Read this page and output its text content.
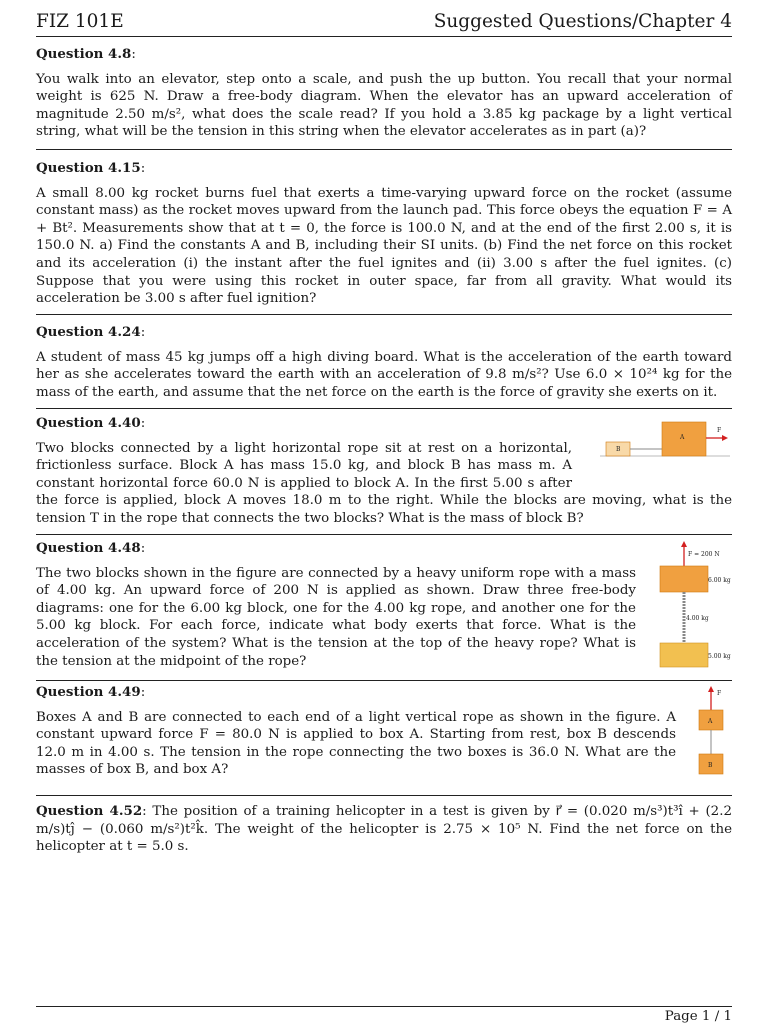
FIZ 101E	Suggested Questions/Chapter 4

Question 4.8:

You walk into an elevator, step onto a scale, and push the up button. You recall that your normal weight is 625 N. Draw a free-body diagram. When the elevator has an upward acceleration of magnitude 2.50 m/s², what does the scale read? If you hold a 3.85 kg package by a light vertical string, what will be the tension in this string when the elevator accelerates as in part (a)?

Question 4.15:

A small 8.00 kg rocket burns fuel that exerts a time-varying upward force on the rocket (assume constant mass) as the rocket moves upward from the launch pad. This force obeys the equation F = A + Bt². Measurements show that at t = 0, the force is 100.0 N, and at the end of the first 2.00 s, it is 150.0 N. a) Find the constants A and B, including their SI units. (b) Find the net force on this rocket and its acceleration (i) the instant after the fuel ignites and (ii) 3.00 s after the fuel ignites. (c) Suppose that you were using this rocket in outer space, far from all gravity. What would its acceleration be 3.00 s after fuel ignition?

Question 4.24:

A student of mass 45 kg jumps off a high diving board. What is the acceleration of the earth toward her as she accelerates toward the earth with an acceleration of 9.8 m/s²? Use 6.0 × 10²⁴ kg for the mass of the earth, and assume that the net force on the earth is the force of gravity she exerts on it.

Question 4.40:

Two blocks connected by a light horizontal rope sit at rest on a horizontal, frictionless surface. Block A has mass 15.0 kg, and block B has mass m. A constant horizontal force 60.0 N is applied to block A. In the first 5.00 s after the force is applied, block A moves 18.0 m to the right. While the blocks are moving, what is the tension T in the rope that connects the two blocks? What is the mass of block B?

B
A
F

Question 4.48:

The two blocks shown in the figure are connected by a heavy uniform rope with a mass of 4.00 kg. An upward force of 200 N is applied as shown. Draw three free-body diagrams: one for the 6.00 kg block, one for the 4.00 kg rope, and another one for the 5.00 kg block. For each force, indicate what body exerts that force. What is the acceleration of the system? What is the tension at the top of the heavy rope? What is the tension at the midpoint of the rope?

F = 200 N
6.00 kg
4.00 kg
5.00 kg

Question 4.49:

Boxes A and B are connected to each end of a light vertical rope as shown in the figure. A constant upward force F = 80.0 N is applied to box A. Starting from rest, box B descends 12.0 m in 4.00 s. The tension in the rope connecting the two boxes is 36.0 N. What are the masses of box B, and box A?

F
A
B

Question 4.52: The position of a training helicopter in a test is given by r⃗ = (0.020 m/s³)t³î + (2.2 m/s)tĵ − (0.060 m/s²)t²k̂. The weight of the helicopter is 2.75 × 10⁵ N. Find the net force on the helicopter at t = 5.0 s.

Page 1 / 1
